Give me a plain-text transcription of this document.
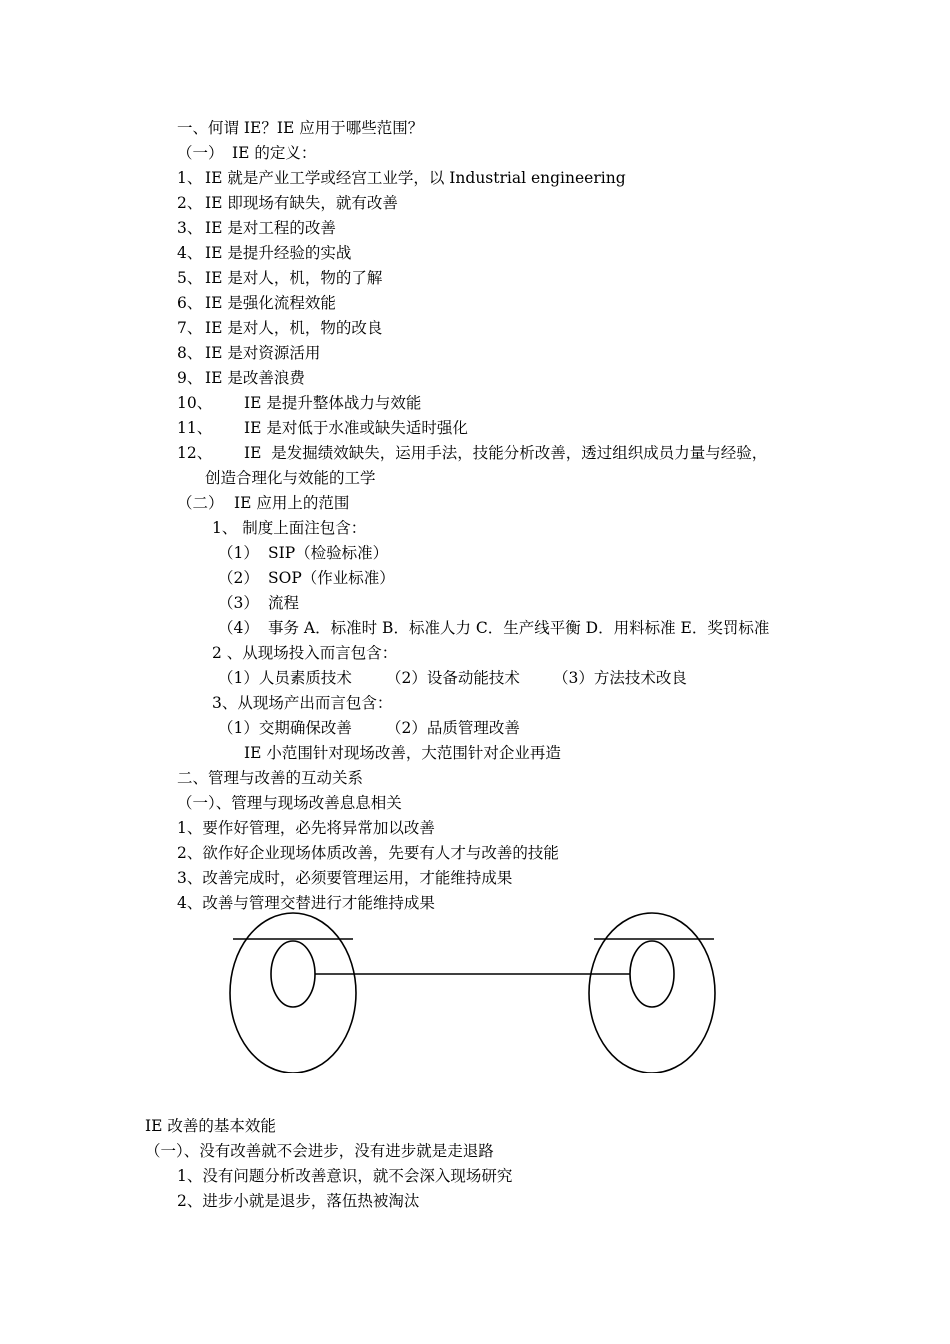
一、何谓 IE？IE 应用于哪些范围？
（一） IE 的定义：
1、 IE 就是产业工学或经宫工业学，以 Industrial engineering
2、 IE 即现场有缺失，就有改善
3、 IE 是对工程的改善
4、 IE 是提升经验的实战
5、 IE 是对人，机，物的了解
6、 IE 是强化流程效能
7、 IE 是对人，机，物的改良
8、 IE 是对资源活用
9、 IE 是改善浪费
10、 IE 是提升整体战力与效能
11、 IE 是对低于水准或缺失适时强化
12、 IE  是发掘绩效缺失，运用手法，技能分析改善，透过组织成员力量与经验，
创造合理化与效能的工学
（二） IE 应用上的范围
1、 制度上面注包含：
（1） SIP（检验标准）
（2） SOP（作业标准）
（3） 流程
（4） 事务 A．标准时 B．标准人力 C．生产线平衡 D．用料标准 E．奖罚标准
2 、从现场投入而言包含：
（1）人员素质技术 （2）设备动能技术 （3）方法技术改良
3、从现场产出而言包含：
（1）交期确保改善 （2）品质管理改善
IE 小范围针对现场改善，大范围针对企业再造
二、管理与改善的互动关系
（一）、管理与现场改善息息相关
1、要作好管理，必先将异常加以改善
2、欲作好企业现场体质改善，先要有人才与改善的技能
3、改善完成时，必须要管理运用，才能维持成果
4、改善与管理交替进行才能维持成果
IE 改善的基本效能
（一）、没有改善就不会进步，没有进步就是走退路
1、没有问题分析改善意识，就不会深入现场研究
2、进步小就是退步，落伍热被淘汰
